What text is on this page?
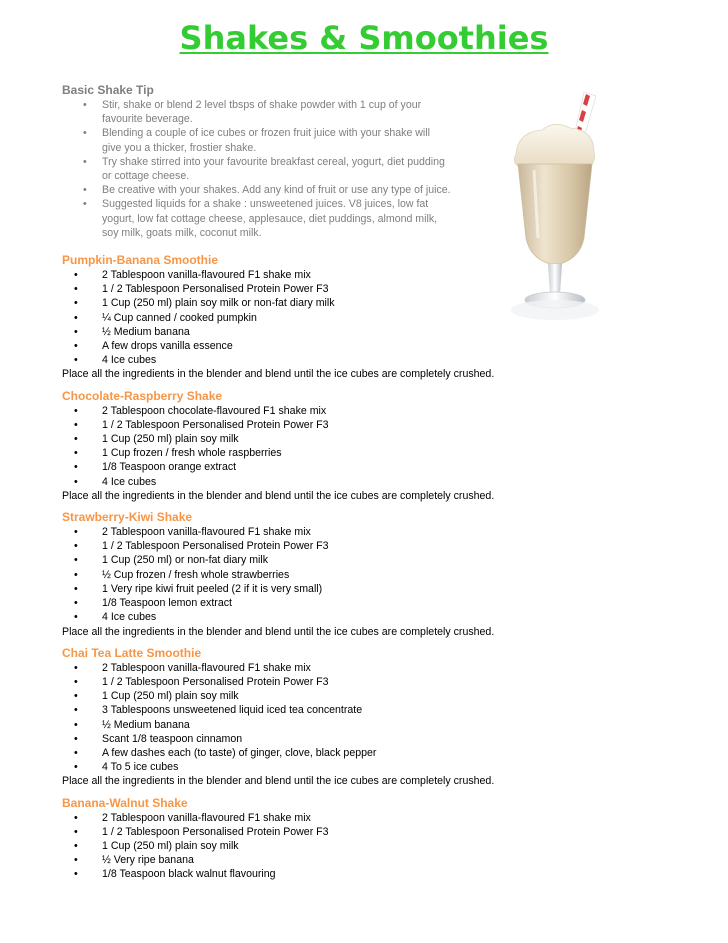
Shakes & Smoothies
Basic Shake Tip
• Stir, shake or blend 2 level tbsps of shake powder with 1 cup of your favourite beverage.
• Blending a couple of ice cubes or frozen fruit juice with your shake will give you a thicker, frostier shake.
• Try shake stirred into your favourite breakfast cereal, yogurt, diet pudding or cottage cheese.
• Be creative with your shakes. Add any kind of fruit or use any type of juice.
• Suggested liquids for a shake : unsweetened juices. V8 juices, low fat yogurt, low fat cottage cheese, applesauce, diet puddings, almond milk, soy milk, goats milk, coconut milk.
Pumpkin-Banana Smoothie
• 2 Tablespoon vanilla-flavoured F1 shake mix
• 1 / 2 Tablespoon Personalised Protein Power F3
• 1 Cup (250 ml) plain soy milk or non-fat diary milk
• ¼ Cup canned / cooked pumpkin
• ½ Medium banana
• A few drops vanilla essence
• 4 Ice cubes
Place all the ingredients in the blender and blend until the ice cubes are completely crushed.
Chocolate-Raspberry Shake
• 2 Tablespoon chocolate-flavoured F1 shake mix
• 1 / 2 Tablespoon Personalised Protein Power F3
• 1 Cup (250 ml) plain soy milk
• 1 Cup frozen / fresh whole raspberries
• 1/8 Teaspoon orange extract
• 4 Ice cubes
Place all the ingredients in the blender and blend until the ice cubes are completely crushed.
Strawberry-Kiwi Shake
• 2 Tablespoon vanilla-flavoured F1 shake mix
• 1 / 2 Tablespoon Personalised Protein Power F3
• 1 Cup (250 ml) or non-fat diary milk
• ½ Cup frozen / fresh whole strawberries
• 1 Very ripe kiwi fruit peeled (2 if it is very small)
• 1/8 Teaspoon lemon extract
• 4 Ice cubes
Place all the ingredients in the blender and blend until the ice cubes are completely crushed.
Chai Tea Latte Smoothie
• 2 Tablespoon vanilla-flavoured F1 shake mix
• 1 / 2 Tablespoon Personalised Protein Power F3
• 1 Cup (250 ml) plain soy milk
• 3 Tablespoons unsweetened liquid iced tea concentrate
• ½ Medium banana
• Scant 1/8 teaspoon cinnamon
• A few dashes each (to taste) of ginger, clove, black pepper
• 4 To 5 ice cubes
Place all the ingredients in the blender and blend until the ice cubes are completely crushed.
Banana-Walnut Shake
• 2 Tablespoon vanilla-flavoured F1 shake mix
• 1 / 2 Tablespoon Personalised Protein Power F3
• 1 Cup (250 ml) plain soy milk
• ½ Very ripe banana
• 1/8 Teaspoon black walnut flavouring
